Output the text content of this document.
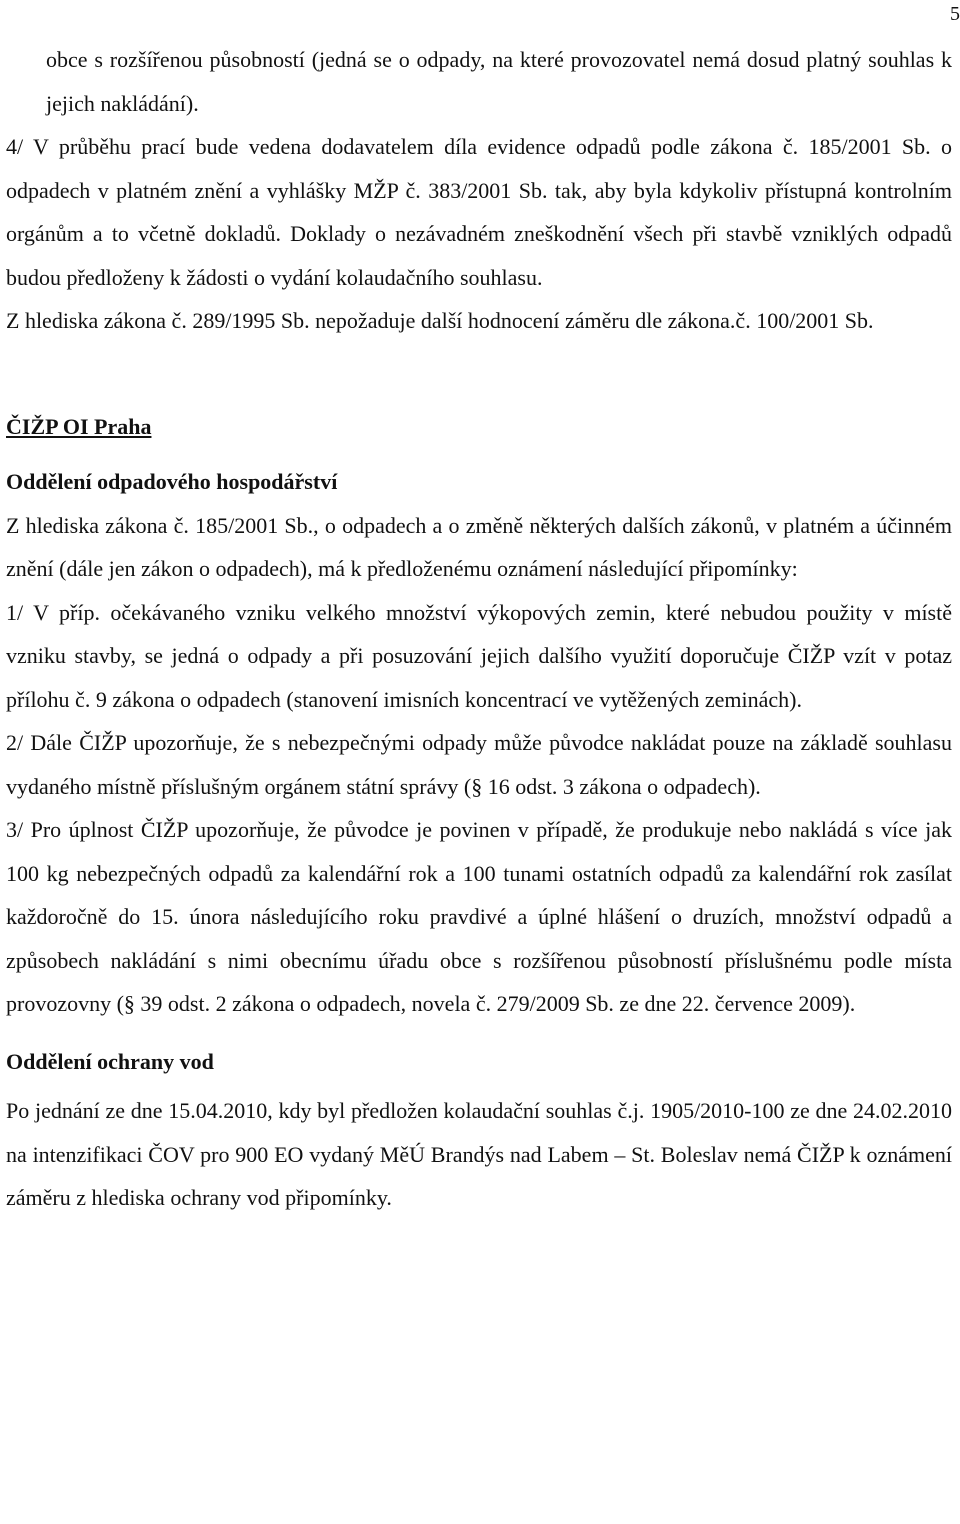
5

obce s rozšířenou působností (jedná se o odpady, na které provozovatel nemá dosud platný souhlas k jejich nakládání).

4/ V průběhu prací bude vedena dodavatelem díla evidence odpadů podle zákona č. 185/2001 Sb. o odpadech v platném znění a vyhlášky MŽP č. 383/2001 Sb. tak, aby byla kdykoliv přístupná kontrolním orgánům a to včetně dokladů. Doklady o nezávadném zneškodnění všech při stavbě vzniklých odpadů budou předloženy k žádosti o vydání kolaudačního souhlasu.

Z hlediska zákona č. 289/1995 Sb. nepožaduje další hodnocení záměru dle zákona.č. 100/2001 Sb.

ČIŽP OI Praha

Oddělení odpadového hospodářství

Z hlediska zákona č. 185/2001 Sb., o odpadech a o změně některých dalších zákonů, v platném a účinném znění (dále jen zákon o odpadech), má k předloženému oznámení následující připomínky:

1/ V příp. očekávaného vzniku velkého množství výkopových zemin, které nebudou použity v místě vzniku stavby, se jedná o odpady a při posuzování jejich dalšího využití doporučuje ČIŽP vzít v potaz přílohu č. 9 zákona o odpadech (stanovení imisních koncentrací ve vytěžených zeminách).

2/ Dále ČIŽP upozorňuje, že s nebezpečnými odpady může původce nakládat pouze na základě souhlasu vydaného místně příslušným orgánem státní správy (§ 16 odst. 3 zákona o odpadech).

3/ Pro úplnost ČIŽP upozorňuje, že původce je povinen v případě, že produkuje nebo nakládá s více jak 100 kg nebezpečných odpadů za kalendářní rok a 100 tunami ostatních odpadů za kalendářní rok zasílat každoročně do 15. února následujícího roku pravdivé a úplné hlášení o druzích, množství odpadů a způsobech nakládání s nimi obecnímu úřadu obce s rozšířenou působností příslušnému podle místa provozovny (§ 39 odst. 2 zákona o odpadech, novela č. 279/2009 Sb. ze dne 22. července 2009).

Oddělení ochrany vod

Po jednání ze dne 15.04.2010, kdy byl předložen kolaudační souhlas č.j. 1905/2010-100 ze dne 24.02.2010 na intenzifikaci ČOV pro 900 EO vydaný MěÚ Brandýs nad Labem – St. Boleslav nemá ČIŽP k oznámení záměru z hlediska ochrany vod připomínky.
